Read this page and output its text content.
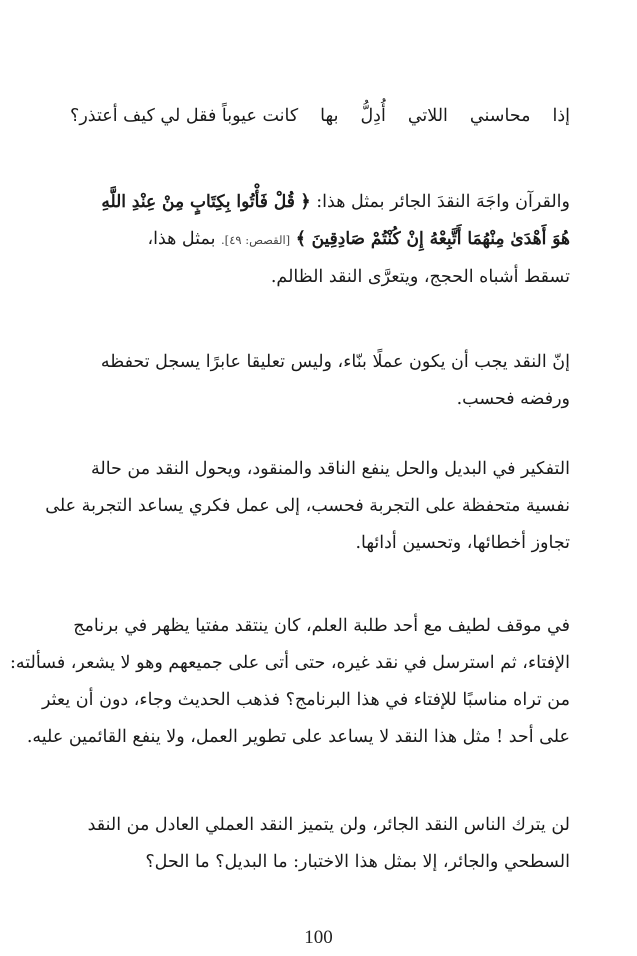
إذامحاسنياللاتيأُدِلُّبهاكانت عيوباً فقل لي كيف أعتذر؟
والقرآن واجَهَ النقدَ الجائر بمثل هذا: ﴿ قُلْ فَأْتُوا بِكِتَابٍ مِنْ عِنْدِ اللَّهِ
هُوَ أَهْدَىٰ مِنْهُمَا أَتَّبِعْهُ إِنْ كُنْتُمْ صَادِقِينَ ﴾ [القصص: ٤٩]. بمثل هذا،
تسقط أشباه الحجج، ويتعرَّى النقد الظالم.
إنّ النقد يجب أن يكون عملًا بنّاء، وليس تعليقا عابرًا يسجل تحفظه
ورفضه فحسب.
التفكير في البديل والحل ينفع الناقد والمنقود، ويحول النقد من حالة
نفسية متحفظة على التجربة فحسب، إلى عمل فكري يساعد التجربة على
تجاوز أخطائها، وتحسين أدائها.
في موقف لطيف مع أحد طلبة العلم، كان ينتقد مفتيا يظهر في برنامج
الإفتاء، ثم استرسل في نقد غيره، حتى أتى على جميعهم وهو لا يشعر، فسألته:
من تراه مناسبًا للإفتاء في هذا البرنامج؟ فذهب الحديث وجاء، دون أن يعثر
على أحد ! مثل هذا النقد لا يساعد على تطوير العمل، ولا ينفع القائمين عليه.
لن يترك الناس النقد الجائر، ولن يتميز النقد العملي العادل من النقد
السطحي والجائر، إلا بمثل هذا الاختبار: ما البديل؟ ما الحل؟
100
